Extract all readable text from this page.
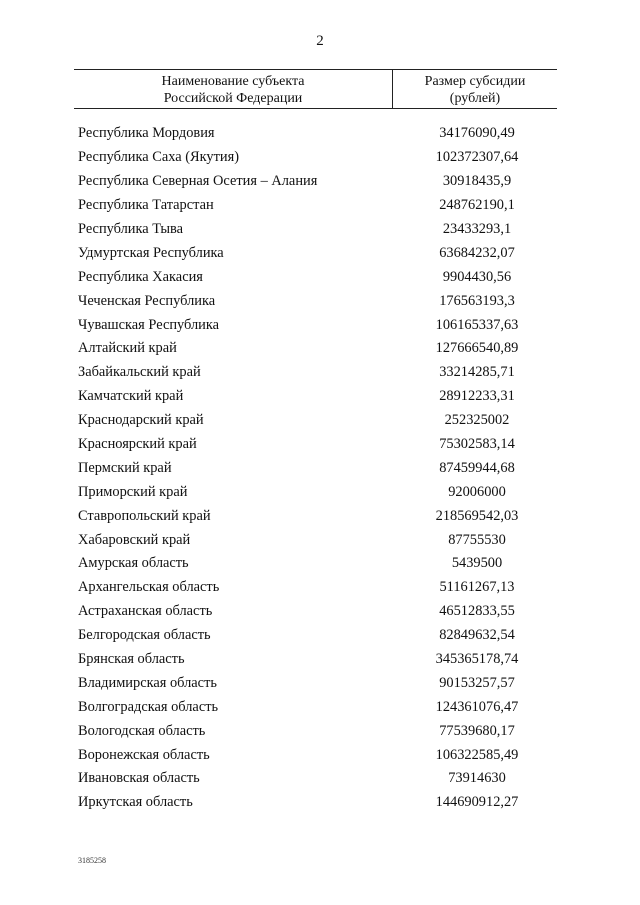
2
Наименование субъекта
Российской Федерации
Размер субсидии
(рублей)
Республика Мордовия	34176090,49
Республика Саха (Якутия)	102372307,64
Республика Северная Осетия – Алания	30918435,9
Республика Татарстан	248762190,1
Республика Тыва	23433293,1
Удмуртская Республика	63684232,07
Республика Хакасия	9904430,56
Чеченская Республика	176563193,3
Чувашская Республика	106165337,63
Алтайский край	127666540,89
Забайкальский край	33214285,71
Камчатский край	28912233,31
Краснодарский край	252325002
Красноярский край	75302583,14
Пермский край	87459944,68
Приморский край	92006000
Ставропольский край	218569542,03
Хабаровский край	87755530
Амурская область	5439500
Архангельская область	51161267,13
Астраханская область	46512833,55
Белгородская область	82849632,54
Брянская область	345365178,74
Владимирская область	90153257,57
Волгоградская область	124361076,47
Вологодская область	77539680,17
Воронежская область	106322585,49
Ивановская область	73914630
Иркутская область	144690912,27
3185258
